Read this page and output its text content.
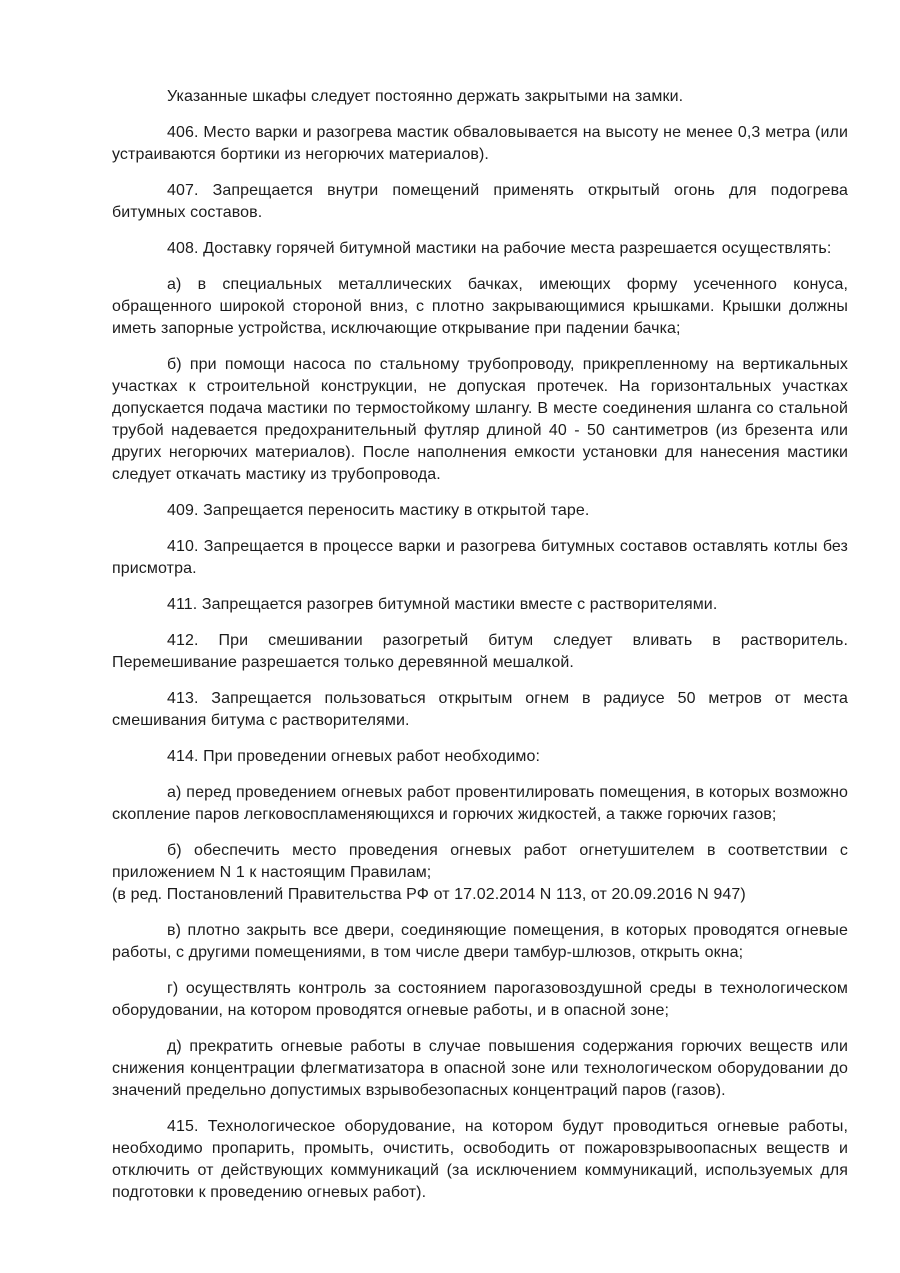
Указанные шкафы следует постоянно держать закрытыми на замки.

406. Место варки и разогрева мастик обваловывается на высоту не менее 0,3 метра (или устраиваются бортики из негорючих материалов).

407. Запрещается внутри помещений применять открытый огонь для подогрева битумных составов.

408. Доставку горячей битумной мастики на рабочие места разрешается осуществлять:

а) в специальных металлических бачках, имеющих форму усеченного конуса, обращенного широкой стороной вниз, с плотно закрывающимися крышками. Крышки должны иметь запорные устройства, исключающие открывание при падении бачка;

б) при помощи насоса по стальному трубопроводу, прикрепленному на вертикальных участках к строительной конструкции, не допуская протечек. На горизонтальных участках допускается подача мастики по термостойкому шлангу. В месте соединения шланга со стальной трубой надевается предохранительный футляр длиной 40 - 50 сантиметров (из брезента или других негорючих материалов). После наполнения емкости установки для нанесения мастики следует откачать мастику из трубопровода.

409. Запрещается переносить мастику в открытой таре.

410. Запрещается в процессе варки и разогрева битумных составов оставлять котлы без присмотра.

411. Запрещается разогрев битумной мастики вместе с растворителями.

412. При смешивании разогретый битум следует вливать в растворитель. Перемешивание разрешается только деревянной мешалкой.

413. Запрещается пользоваться открытым огнем в радиусе 50 метров от места смешивания битума с растворителями.

414. При проведении огневых работ необходимо:

а) перед проведением огневых работ провентилировать помещения, в которых возможно скопление паров легковоспламеняющихся и горючих жидкостей, а также горючих газов;

б) обеспечить место проведения огневых работ огнетушителем в соответствии с приложением N 1 к настоящим Правилам;

(в ред. Постановлений Правительства РФ от 17.02.2014 N 113, от 20.09.2016 N 947)

в) плотно закрыть все двери, соединяющие помещения, в которых проводятся огневые работы, с другими помещениями, в том числе двери тамбур-шлюзов, открыть окна;

г) осуществлять контроль за состоянием парогазовоздушной среды в технологическом оборудовании, на котором проводятся огневые работы, и в опасной зоне;

д) прекратить огневые работы в случае повышения содержания горючих веществ или снижения концентрации флегматизатора в опасной зоне или технологическом оборудовании до значений предельно допустимых взрывобезопасных концентраций паров (газов).

415. Технологическое оборудование, на котором будут проводиться огневые работы, необходимо пропарить, промыть, очистить, освободить от пожаровзрывоопасных веществ и отключить от действующих коммуникаций (за исключением коммуникаций, используемых для подготовки к проведению огневых работ).
